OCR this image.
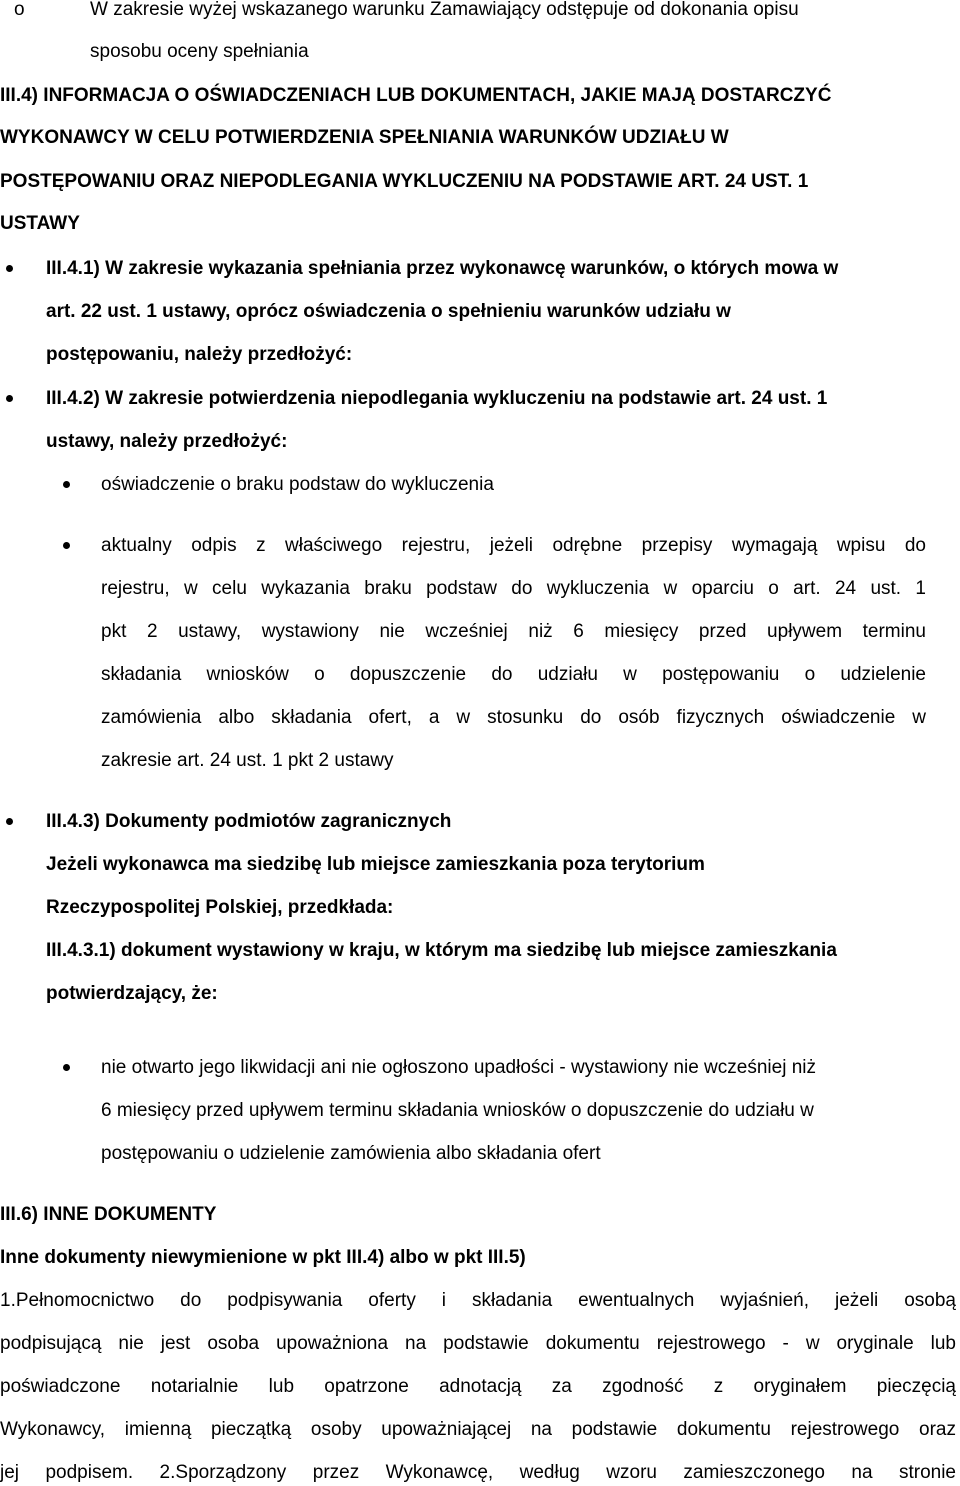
o	W zakresie wyżej wskazanego warunku Zamawiający odstępuje od dokonania opisu
sposobu oceny spełniania
III.4) INFORMACJA O OŚWIADCZENIACH LUB DOKUMENTACH, JAKIE MAJĄ DOSTARCZYĆ
WYKONAWCY W CELU POTWIERDZENIA SPEŁNIANIA WARUNKÓW UDZIAŁU W
POSTĘPOWANIU ORAZ NIEPODLEGANIA WYKLUCZENIU NA PODSTAWIE ART. 24 UST. 1
USTAWY
III.4.1) W zakresie wykazania spełniania przez wykonawcę warunków, o których mowa w
art. 22 ust. 1 ustawy, oprócz oświadczenia o spełnieniu warunków udziału w
postępowaniu, należy przedłożyć:
III.4.2) W zakresie potwierdzenia niepodlegania wykluczeniu na podstawie art. 24 ust. 1
ustawy, należy przedłożyć:
oświadczenie o braku podstaw do wykluczenia
aktualny odpis z właściwego rejestru, jeżeli odrębne przepisy wymagają wpisu do
rejestru, w celu wykazania braku podstaw do wykluczenia w oparciu o art. 24 ust. 1
pkt 2 ustawy, wystawiony nie wcześniej niż 6 miesięcy przed upływem terminu
składania wniosków o dopuszczenie do udziału w postępowaniu o udzielenie
zamówienia albo składania ofert, a w stosunku do osób fizycznych oświadczenie w
zakresie art. 24 ust. 1 pkt 2 ustawy
III.4.3) Dokumenty podmiotów zagranicznych
Jeżeli wykonawca ma siedzibę lub miejsce zamieszkania poza terytorium
Rzeczypospolitej Polskiej, przedkłada:
III.4.3.1) dokument wystawiony w kraju, w którym ma siedzibę lub miejsce zamieszkania
potwierdzający, że:
nie otwarto jego likwidacji ani nie ogłoszono upadłości - wystawiony nie wcześniej niż
6 miesięcy przed upływem terminu składania wniosków o dopuszczenie do udziału w
postępowaniu o udzielenie zamówienia albo składania ofert
III.6) INNE DOKUMENTY
Inne dokumenty niewymienione w pkt III.4) albo w pkt III.5)
1.Pełnomocnictwo do podpisywania oferty i składania ewentualnych wyjaśnień, jeżeli osobą
podpisującą nie jest osoba upoważniona na podstawie dokumentu rejestrowego - w oryginale lub
poświadczone notarialnie lub opatrzone adnotacją za zgodność z oryginałem pieczęcią
Wykonawcy, imienną pieczątką osoby upoważniającej na podstawie dokumentu rejestrowego oraz
jej podpisem. 2.Sporządzony przez Wykonawcę, według wzoru zamieszczonego na stronie
